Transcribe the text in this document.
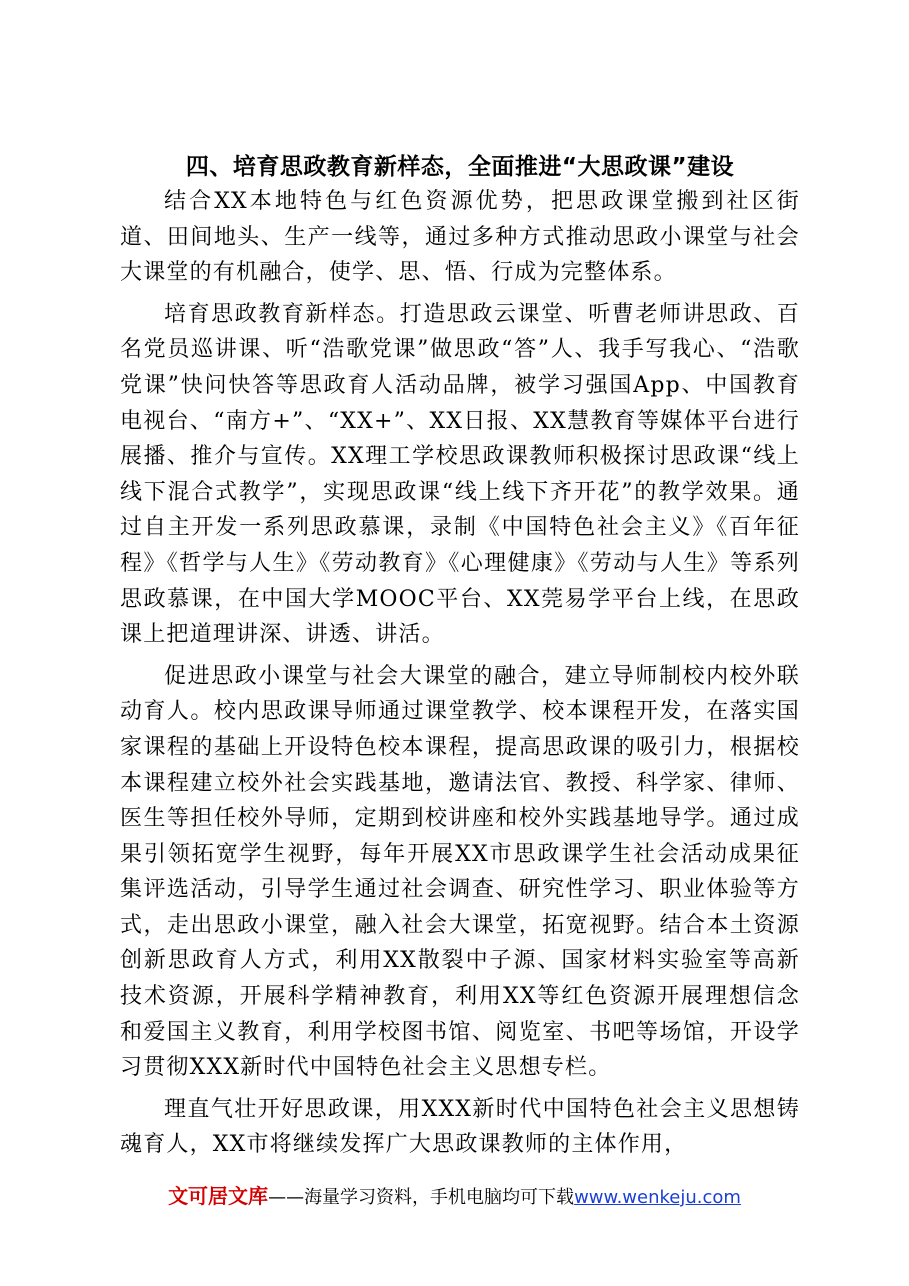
四、培育思政教育新样态，全面推进“大思政课”建设

结合XX本地特色与红色资源优势，把思政课堂搬到社区街道、田间地头、生产一线等，通过多种方式推动思政小课堂与社会大课堂的有机融合，使学、思、悟、行成为完整体系。

培育思政教育新样态。打造思政云课堂、听曹老师讲思政、百名党员巡讲课、听“浩歌党课”做思政“答”人、我手写我心、“浩歌党课”快问快答等思政育人活动品牌，被学习强国App、中国教育电视台、“南方+”、“XX+”、XX日报、XX慧教育等媒体平台进行展播、推介与宣传。XX理工学校思政课教师积极探讨思政课“线上线下混合式教学”，实现思政课“线上线下齐开花”的教学效果。通过自主开发一系列思政慕课，录制《中国特色社会主义》《百年征程》《哲学与人生》《劳动教育》《心理健康》《劳动与人生》等系列思政慕课，在中国大学MOOC平台、XX莞易学平台上线，在思政课上把道理讲深、讲透、讲活。

促进思政小课堂与社会大课堂的融合，建立导师制校内校外联动育人。校内思政课导师通过课堂教学、校本课程开发，在落实国家课程的基础上开设特色校本课程，提高思政课的吸引力，根据校本课程建立校外社会实践基地，邀请法官、教授、科学家、律师、医生等担任校外导师，定期到校讲座和校外实践基地导学。通过成果引领拓宽学生视野，每年开展XX市思政课学生社会活动成果征集评选活动，引导学生通过社会调查、研究性学习、职业体验等方式，走出思政小课堂，融入社会大课堂，拓宽视野。结合本土资源创新思政育人方式，利用XX散裂中子源、国家材料实验室等高新技术资源，开展科学精神教育，利用XX等红色资源开展理想信念和爱国主义教育，利用学校图书馆、阅览室、书吧等场馆，开设学习贯彻XXX新时代中国特色社会主义思想专栏。

理直气壮开好思政课，用XXX新时代中国特色社会主义思想铸魂育人，XX市将继续发挥广大思政课教师的主体作用，

文可居文库——海量学习资料，手机电脑均可下载www.wenkeju.com
